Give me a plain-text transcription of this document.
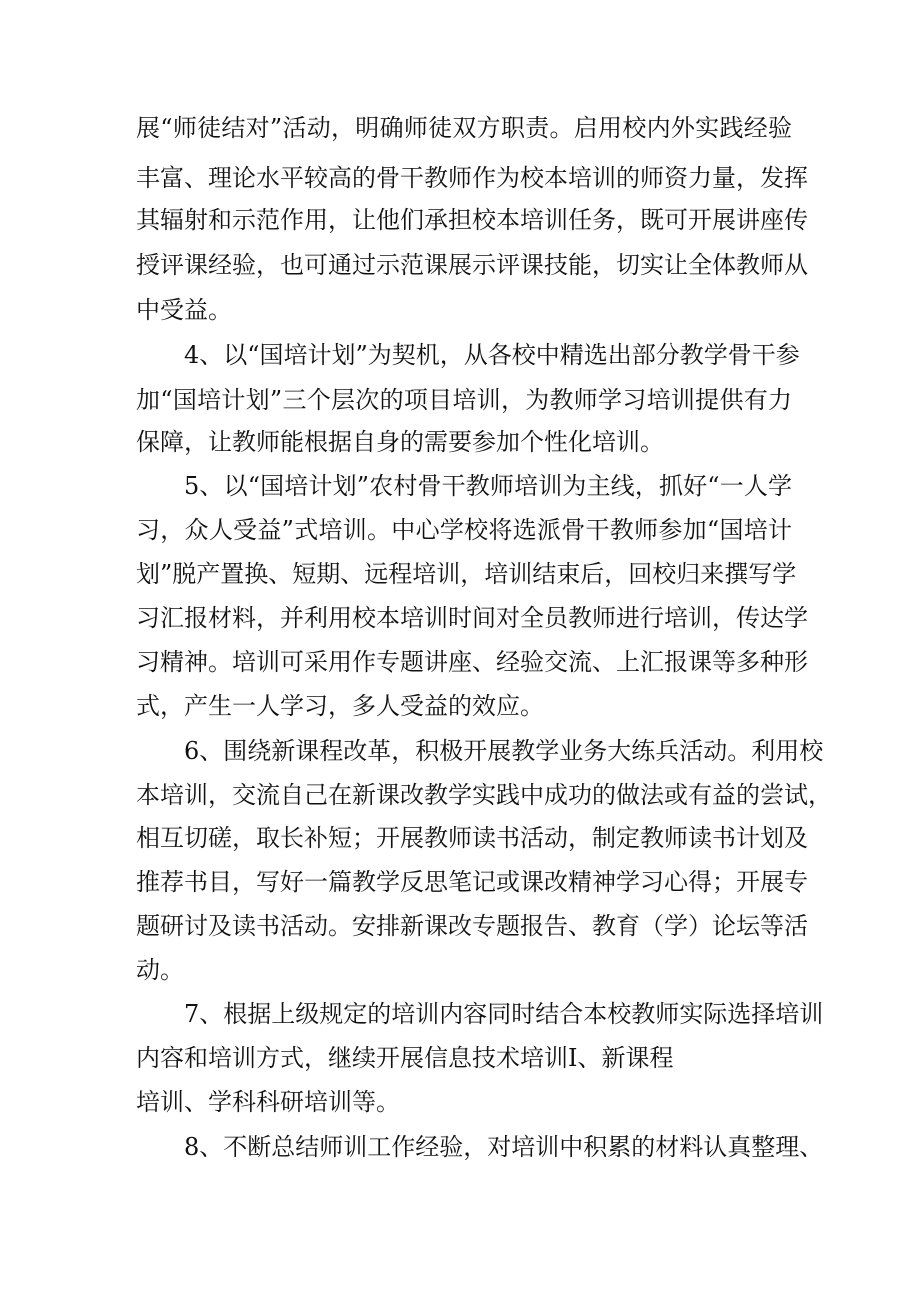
展“师徒结对”活动，明确师徒双方职责。启用校内外实践经验
丰富、理论水平较高的骨干教师作为校本培训的师资力量，发挥
其辐射和示范作用，让他们承担校本培训任务，既可开展讲座传
授评课经验，也可通过示范课展示评课技能，切实让全体教师从
中受益。
4、以“国培计划”为契机，从各校中精选出部分教学骨干参
加“国培计划”三个层次的项目培训，为教师学习培训提供有力
保障，让教师能根据自身的需要参加个性化培训。
5、以“国培计划”农村骨干教师培训为主线，抓好“一人学
习，众人受益”式培训。中心学校将选派骨干教师参加“国培计
划”脱产置换、短期、远程培训，培训结束后，回校归来撰写学
习汇报材料，并利用校本培训时间对全员教师进行培训，传达学
习精神。培训可采用作专题讲座、经验交流、上汇报课等多种形
式，产生一人学习，多人受益的效应。
6、围绕新课程改革，积极开展教学业务大练兵活动。利用校
本培训，交流自己在新课改教学实践中成功的做法或有益的尝试，
相互切磋，取长补短；开展教师读书活动，制定教师读书计划及
推荐书目，写好一篇教学反思笔记或课改精神学习心得；开展专
题研讨及读书活动。安排新课改专题报告、教育（学）论坛等活
动。
7、根据上级规定的培训内容同时结合本校教师实际选择培训
内容和培训方式，继续开展信息技术培训I、新课程
培训、学科科研培训等。
8、不断总结师训工作经验，对培训中积累的材料认真整理、
